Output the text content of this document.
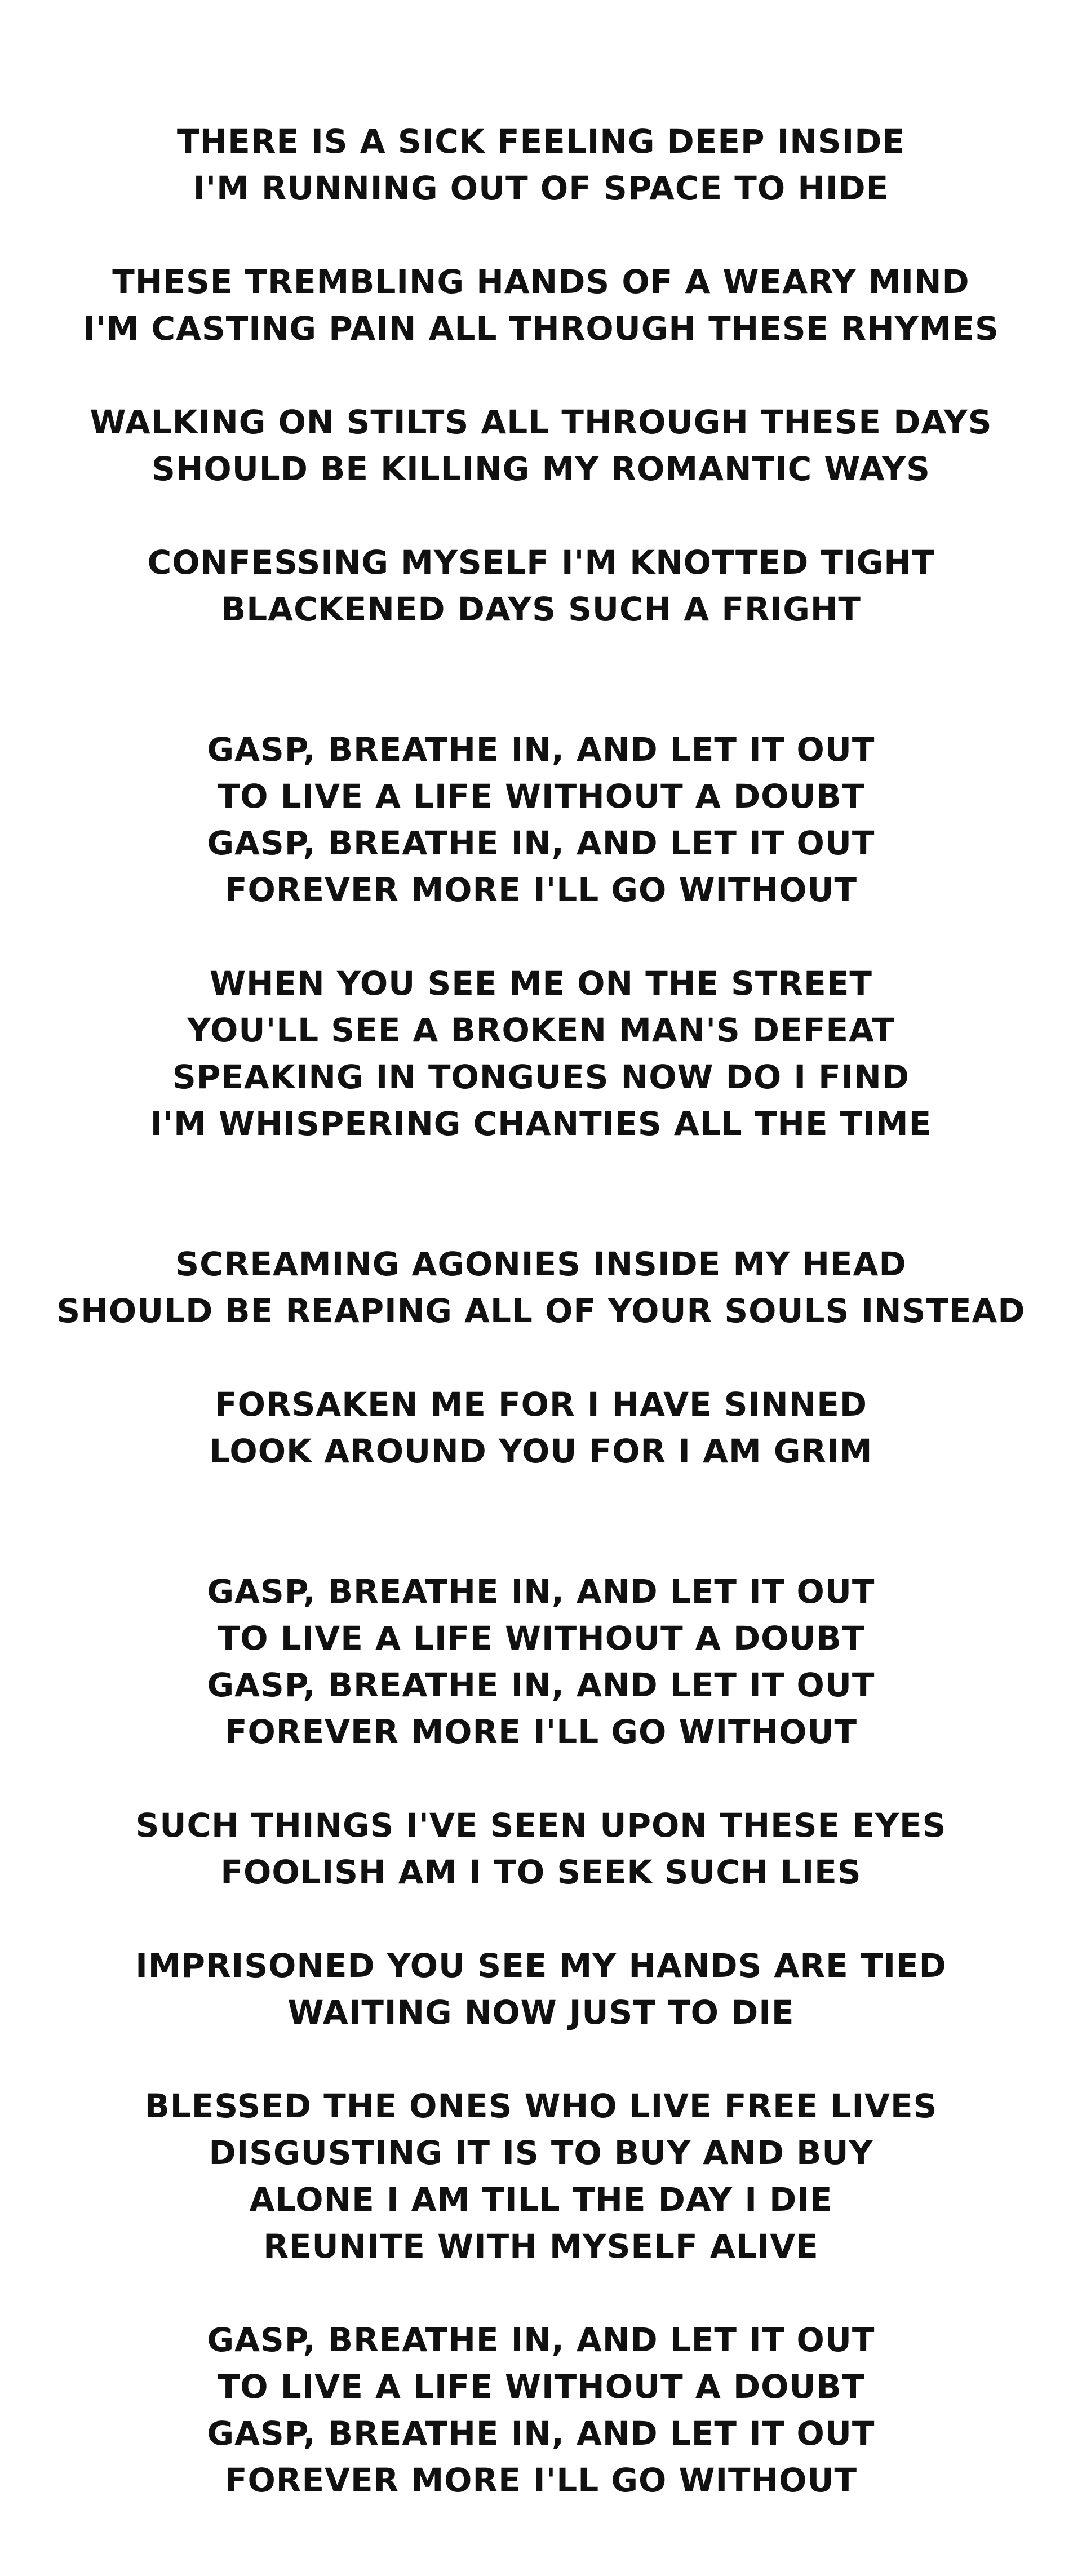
THERE IS A SICK FEELING DEEP INSIDE
I'M RUNNING OUT OF SPACE TO HIDE
THESE TREMBLING HANDS OF A WEARY MIND
I'M CASTING PAIN ALL THROUGH THESE RHYMES
WALKING ON STILTS ALL THROUGH THESE DAYS
SHOULD BE KILLING MY ROMANTIC WAYS
CONFESSING MYSELF I'M KNOTTED TIGHT
BLACKENED DAYS SUCH A FRIGHT
GASP, BREATHE IN, AND LET IT OUT
TO LIVE A LIFE WITHOUT A DOUBT
GASP, BREATHE IN, AND LET IT OUT
FOREVER MORE I'LL GO WITHOUT
WHEN YOU SEE ME ON THE STREET
YOU'LL SEE A BROKEN MAN'S DEFEAT
SPEAKING IN TONGUES NOW DO I FIND
I'M WHISPERING CHANTIES ALL THE TIME
SCREAMING AGONIES INSIDE MY HEAD
SHOULD BE REAPING ALL OF YOUR SOULS INSTEAD
FORSAKEN ME FOR I HAVE SINNED
LOOK AROUND YOU FOR I AM GRIM
GASP, BREATHE IN, AND LET IT OUT
TO LIVE A LIFE WITHOUT A DOUBT
GASP, BREATHE IN, AND LET IT OUT
FOREVER MORE I'LL GO WITHOUT
SUCH THINGS I'VE SEEN UPON THESE EYES
FOOLISH AM I TO SEEK SUCH LIES
IMPRISONED YOU SEE MY HANDS ARE TIED
WAITING NOW JUST TO DIE
BLESSED THE ONES WHO LIVE FREE LIVES
DISGUSTING IT IS TO BUY AND BUY
ALONE I AM TILL THE DAY I DIE
REUNITE WITH MYSELF ALIVE
GASP, BREATHE IN, AND LET IT OUT
TO LIVE A LIFE WITHOUT A DOUBT
GASP, BREATHE IN, AND LET IT OUT
FOREVER MORE I'LL GO WITHOUT
